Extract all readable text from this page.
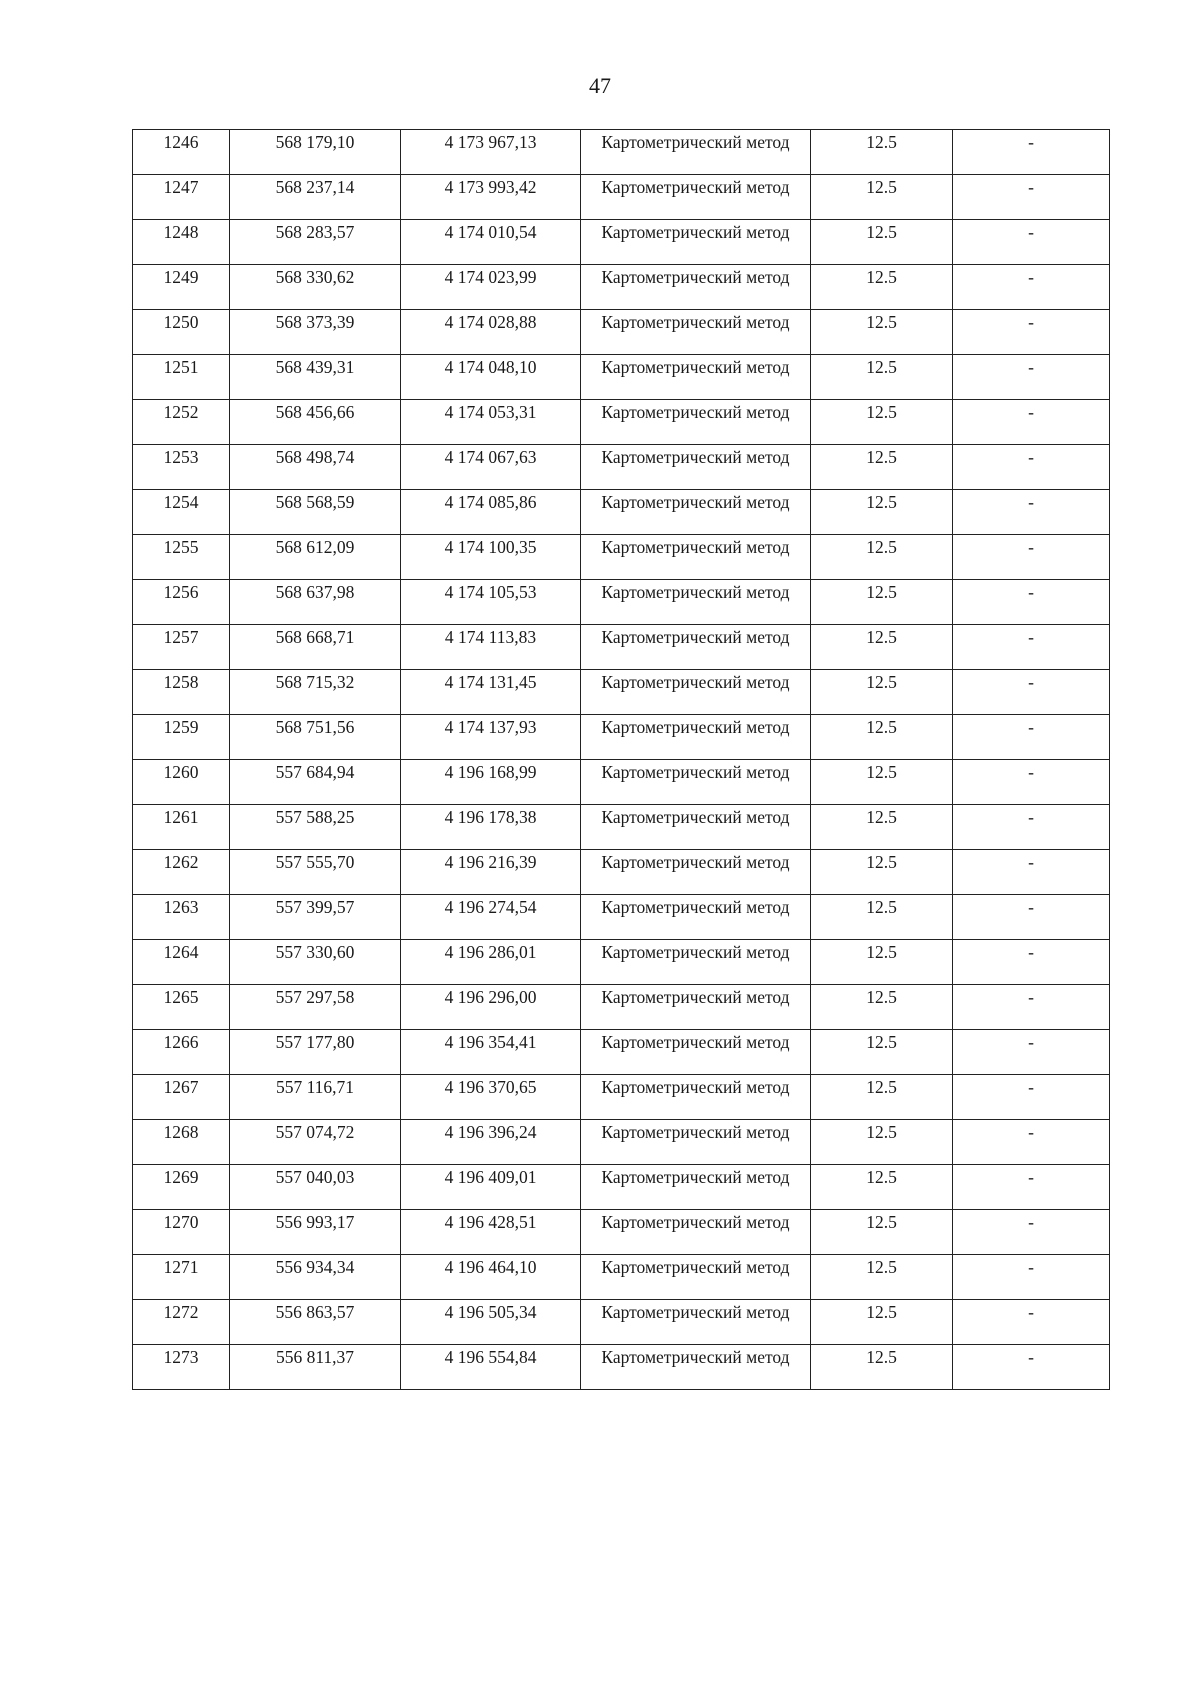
47
1246	568 179,10	4 173 967,13	Картометрический метод	12.5	-

1247	568 237,14	4 173 993,42	Картометрический метод	12.5	-

1248	568 283,57	4 174 010,54	Картометрический метод	12.5	-

1249	568 330,62	4 174 023,99	Картометрический метод	12.5	-

1250	568 373,39	4 174 028,88	Картометрический метод	12.5	-

1251	568 439,31	4 174 048,10	Картометрический метод	12.5	-

1252	568 456,66	4 174 053,31	Картометрический метод	12.5	-

1253	568 498,74	4 174 067,63	Картометрический метод	12.5	-

1254	568 568,59	4 174 085,86	Картометрический метод	12.5	-

1255	568 612,09	4 174 100,35	Картометрический метод	12.5	-

1256	568 637,98	4 174 105,53	Картометрический метод	12.5	-

1257	568 668,71	4 174 113,83	Картометрический метод	12.5	-

1258	568 715,32	4 174 131,45	Картометрический метод	12.5	-

1259	568 751,56	4 174 137,93	Картометрический метод	12.5	-

1260	557 684,94	4 196 168,99	Картометрический метод	12.5	-

1261	557 588,25	4 196 178,38	Картометрический метод	12.5	-

1262	557 555,70	4 196 216,39	Картометрический метод	12.5	-

1263	557 399,57	4 196 274,54	Картометрический метод	12.5	-

1264	557 330,60	4 196 286,01	Картометрический метод	12.5	-

1265	557 297,58	4 196 296,00	Картометрический метод	12.5	-

1266	557 177,80	4 196 354,41	Картометрический метод	12.5	-

1267	557 116,71	4 196 370,65	Картометрический метод	12.5	-

1268	557 074,72	4 196 396,24	Картометрический метод	12.5	-

1269	557 040,03	4 196 409,01	Картометрический метод	12.5	-

1270	556 993,17	4 196 428,51	Картометрический метод	12.5	-

1271	556 934,34	4 196 464,10	Картометрический метод	12.5	-

1272	556 863,57	4 196 505,34	Картометрический метод	12.5	-

1273	556 811,37	4 196 554,84	Картометрический метод	12.5	-
